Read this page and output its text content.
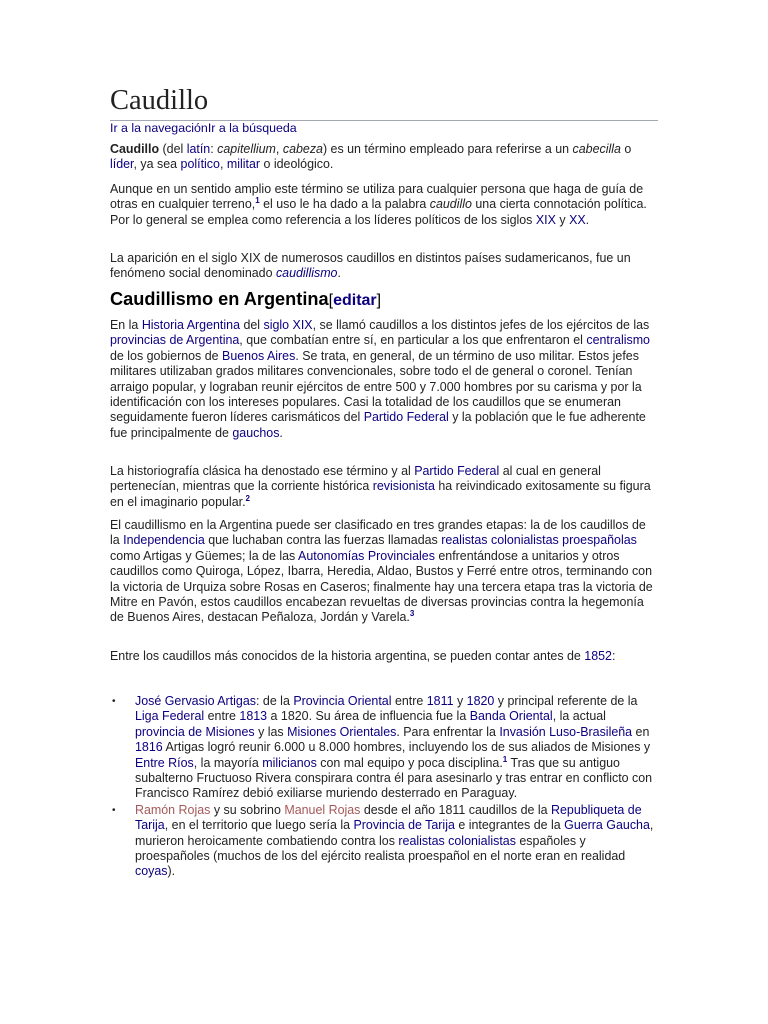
Caudillo
Ir a la navegaciónIr a la búsqueda

Caudillo (del latín: capitellium, cabeza) es un término empleado para referirse a un cabecilla o líder, ya sea político, militar o ideológico.

Aunque en un sentido amplio este término se utiliza para cualquier persona que haga de guía de otras en cualquier terreno,$^1$ el uso le ha dado a la palabra caudillo una cierta connotación política. Por lo general se emplea como referencia a los líderes políticos de los siglos XIX y XX.

La aparición en el siglo XIX de numerosos caudillos en distintos países sudamericanos, fue un fenómeno social denominado caudillismo.

Caudillismo en Argentina[editar]

En la Historia Argentina del siglo XIX, se llamó caudillos a los distintos jefes de los ejércitos de las provincias de Argentina, que combatían entre sí, en particular a los que enfrentaron el centralismo de los gobiernos de Buenos Aires. Se trata, en general, de un término de uso militar. Estos jefes militares utilizaban grados militares convencionales, sobre todo el de general o coronel. Tenían arraigo popular, y lograban reunir ejércitos de entre 500 y 7.000 hombres por su carisma y por la identificación con los intereses populares. Casi la totalidad de los caudillos que se enumeran seguidamente fueron líderes carismáticos del Partido Federal y la población que le fue adherente fue principalmente de gauchos.

La historiografía clásica ha denostado ese término y al Partido Federal al cual en general pertenecían, mientras que la corriente histórica revisionista ha reivindicado exitosamente su figura en el imaginario popular.$^2$

El caudillismo en la Argentina puede ser clasificado en tres grandes etapas: la de los caudillos de la Independencia que luchaban contra las fuerzas llamadas realistas colonialistas proespañolas como Artigas y Güemes; la de las Autonomías Provinciales enfrentándose a unitarios y otros caudillos como Quiroga, López, Ibarra, Heredia, Aldao, Bustos y Ferré entre otros, terminando con la victoria de Urquiza sobre Rosas en Caseros; finalmente hay una tercera etapa tras la victoria de Mitre en Pavón, estos caudillos encabezan revueltas de diversas provincias contra la hegemonía de Buenos Aires, destacan Peñaloza, Jordán y Varela.$^3$

Entre los caudillos más conocidos de la historia argentina, se pueden contar antes de 1852:

• José Gervasio Artigas: de la Provincia Oriental entre 1811 y 1820 y principal referente de la Liga Federal entre 1813 a 1820. Su área de influencia fue la Banda Oriental, la actual provincia de Misiones y las Misiones Orientales. Para enfrentar la Invasión Luso-Brasileña en 1816 Artigas logró reunir 6.000 u 8.000 hombres, incluyendo los de sus aliados de Misiones y Entre Ríos, la mayoría milicianos con mal equipo y poca disciplina.$^1$ Tras que su antiguo subalterno Fructuoso Rivera conspirara contra él para asesinarlo y tras entrar en conflicto con Francisco Ramírez debió exiliarse muriendo desterrado en Paraguay.
• Ramón Rojas y su sobrino Manuel Rojas desde el año 1811 caudillos de la Republiqueta de Tarija, en el territorio que luego sería la Provincia de Tarija e integrantes de la Guerra Gaucha, murieron heroicamente combatiendo contra los realistas colonialistas españoles y proespañoles (muchos de los del ejército realista proespañol en el norte eran en realidad coyas).
